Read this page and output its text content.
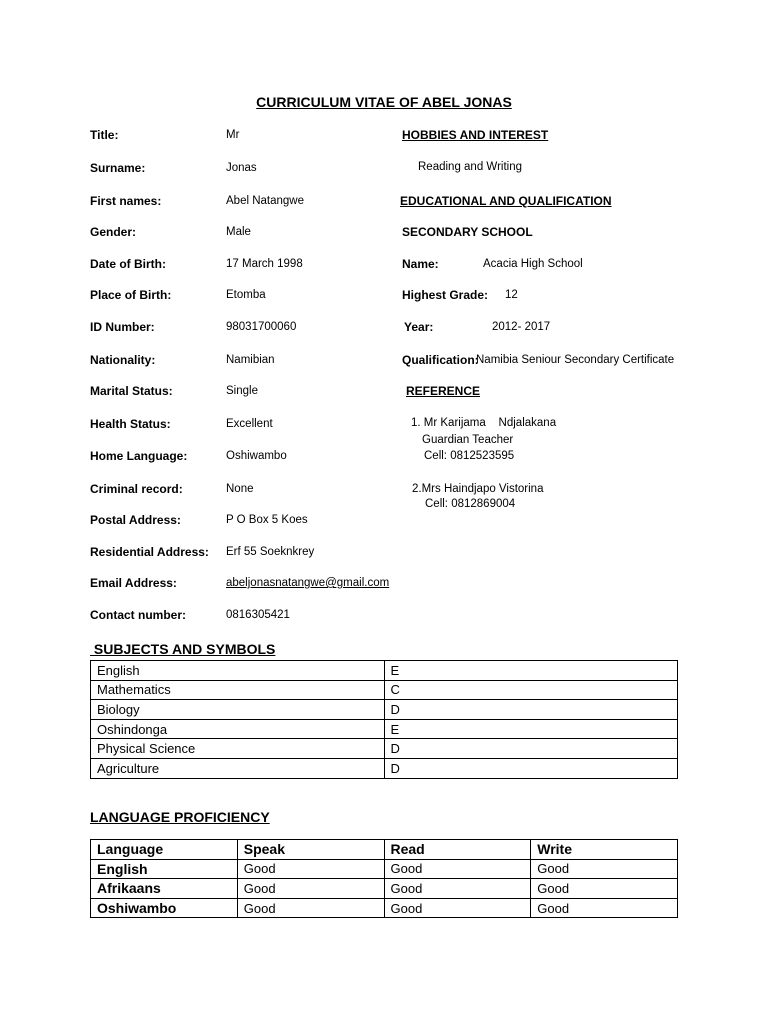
CURRICULUM VITAE OF ABEL JONAS
Title:	Mr
Surname:	Jonas
First names:	Abel Natangwe
Gender:	Male
Date of Birth:	17 March 1998
Place of Birth:	Etomba
ID Number:	98031700060
Nationality:	Namibian
Marital Status:	Single
Health Status:	Excellent
Home Language:	Oshiwambo
Criminal record:	None
Postal Address:	P O Box 5 Koes
Residential Address: Erf 55 Soeknkrey
Email Address:	abeljonasnatangwe@gmail.com
Contact number:	0816305421
HOBBIES AND INTEREST
Reading and Writing
EDUCATIONAL AND QUALIFICATION
SECONDARY SCHOOL
Name:	Acacia High School
Highest Grade: 12
Year:	2012- 2017
Qualification:
Namibia Seniour Secondary Certificate
REFERENCE
1. Mr Karijama    Ndjalakana
Guardian Teacher
Cell: 0812523595
2.Mrs Haindjapo Vistorina
Cell: 0812869004
SUBJECTS AND SYMBOLS
English	E
Mathematics	C
Biology	D
Oshindonga	E
Physical Science	D
Agriculture	D
LANGUAGE PROFICIENCY
Language	Speak	Read	Write
English	Good	Good	Good
Afrikaans	Good	Good	Good
Oshiwambo	Good	Good	Good
